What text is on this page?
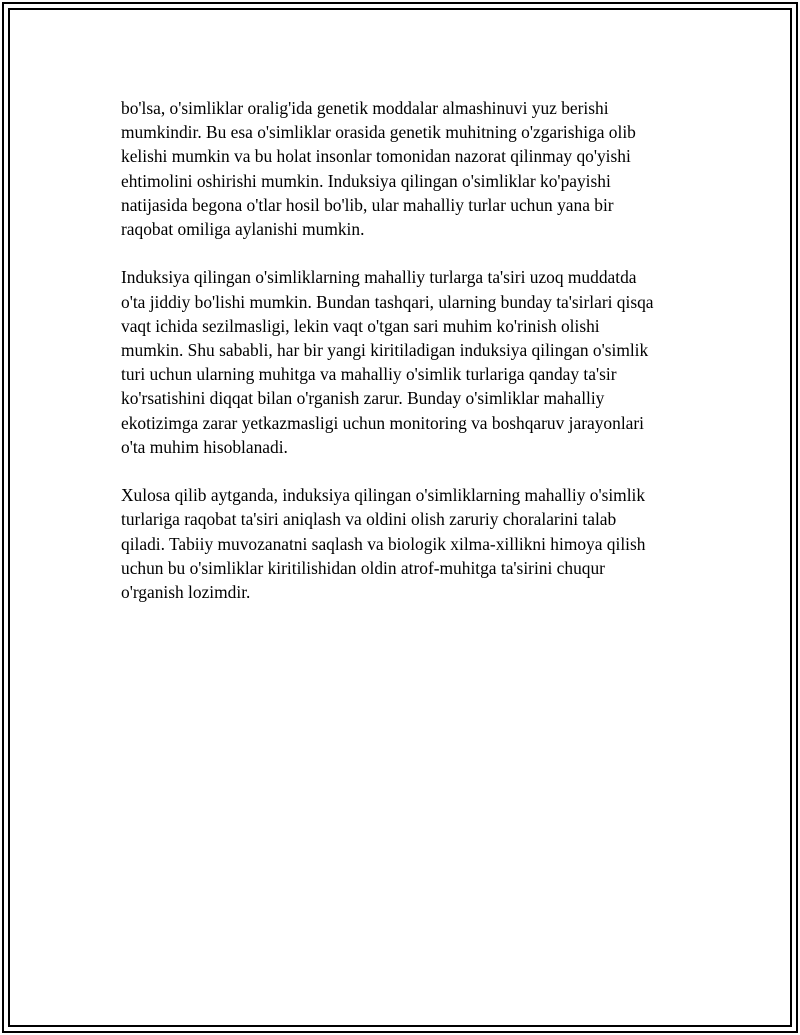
bo'lsa, o'simliklar oralig'ida genetik moddalar almashinuvi yuz berishi
mumkindir. Bu esa o'simliklar orasida genetik muhitning o'zgarishiga olib
kelishi mumkin va bu holat insonlar tomonidan nazorat qilinmay qo'yishi
ehtimolini oshirishi mumkin. Induksiya qilingan o'simliklar ko'payishi
natijasida begona o'tlar hosil bo'lib, ular mahalliy turlar uchun yana bir
raqobat omiliga aylanishi mumkin.

Induksiya qilingan o'simliklarning mahalliy turlarga ta'siri uzoq muddatda
o'ta jiddiy bo'lishi mumkin. Bundan tashqari, ularning bunday ta'sirlari qisqa
vaqt ichida sezilmasligi, lekin vaqt o'tgan sari muhim ko'rinish olishi
mumkin. Shu sababli, har bir yangi kiritiladigan induksiya qilingan o'simlik
turi uchun ularning muhitga va mahalliy o'simlik turlariga qanday ta'sir
ko'rsatishini diqqat bilan o'rganish zarur. Bunday o'simliklar mahalliy
ekotizimga zarar yetkazmasligi uchun monitoring va boshqaruv jarayonlari
o'ta muhim hisoblanadi.

Xulosa qilib aytganda, induksiya qilingan o'simliklarning mahalliy o'simlik
turlariga raqobat ta'siri aniqlash va oldini olish zaruriy choralarini talab
qiladi. Tabiiy muvozanatni saqlash va biologik xilma-xillikni himoya qilish
uchun bu o'simliklar kiritilishidan oldin atrof-muhitga ta'sirini chuqur
o'rganish lozimdir.
